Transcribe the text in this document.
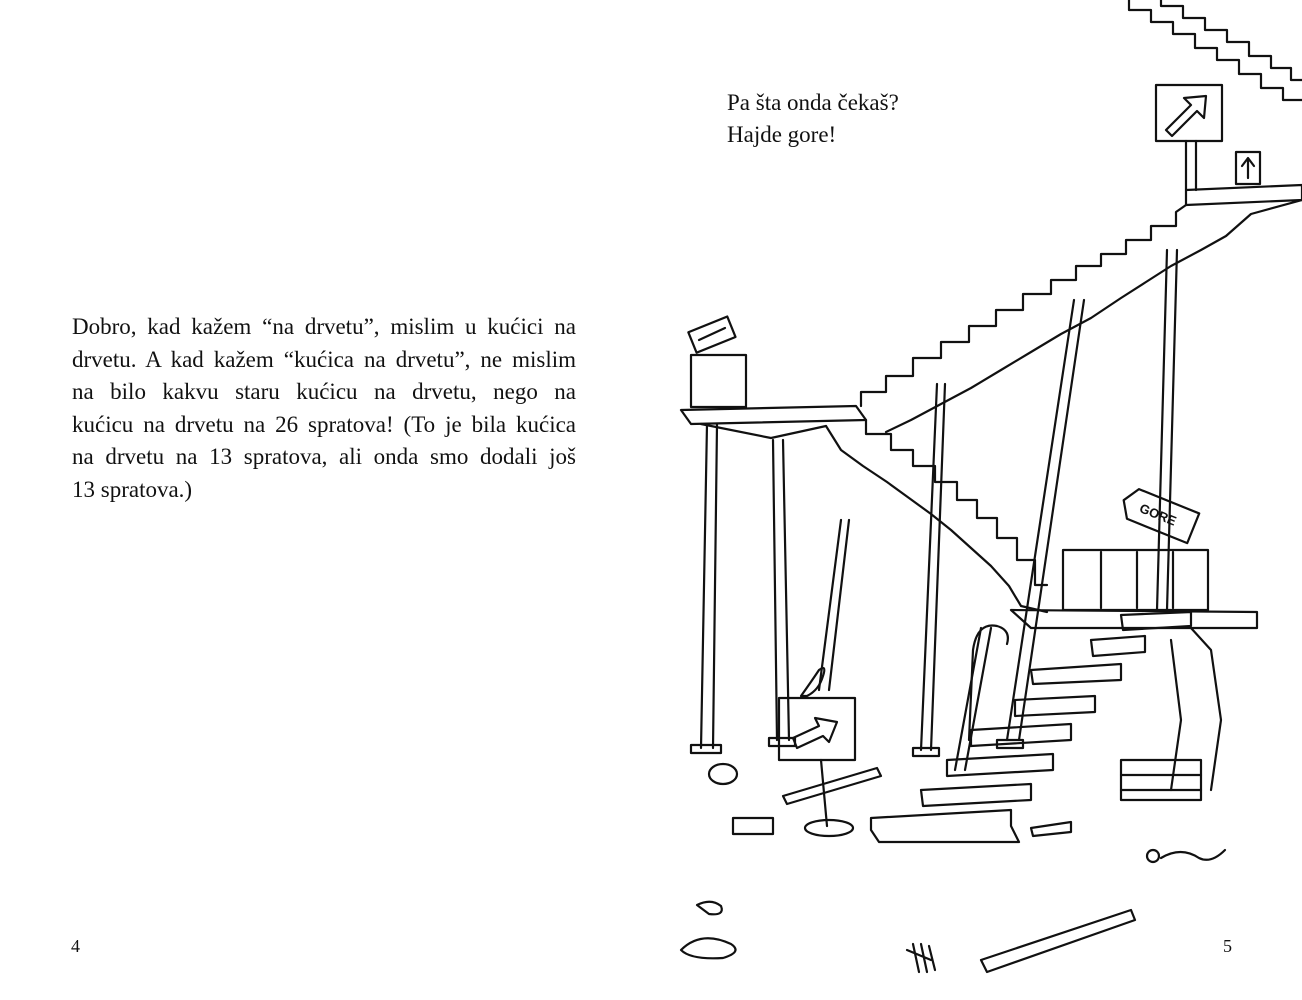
Dobro, kad kažem “na drvetu”, mislim u kućici na
drvetu. A kad kažem “kućica na drvetu”, ne mislim
na bilo kakvu staru kućicu na drvetu, nego na
kućicu na drvetu na 26 spratova! (To je bila kućica
na drvetu na 13 spratova, ali onda smo dodali još
13 spratova.)

4
GORE

Pa šta onda čekaš?
Hajde gore!

5
